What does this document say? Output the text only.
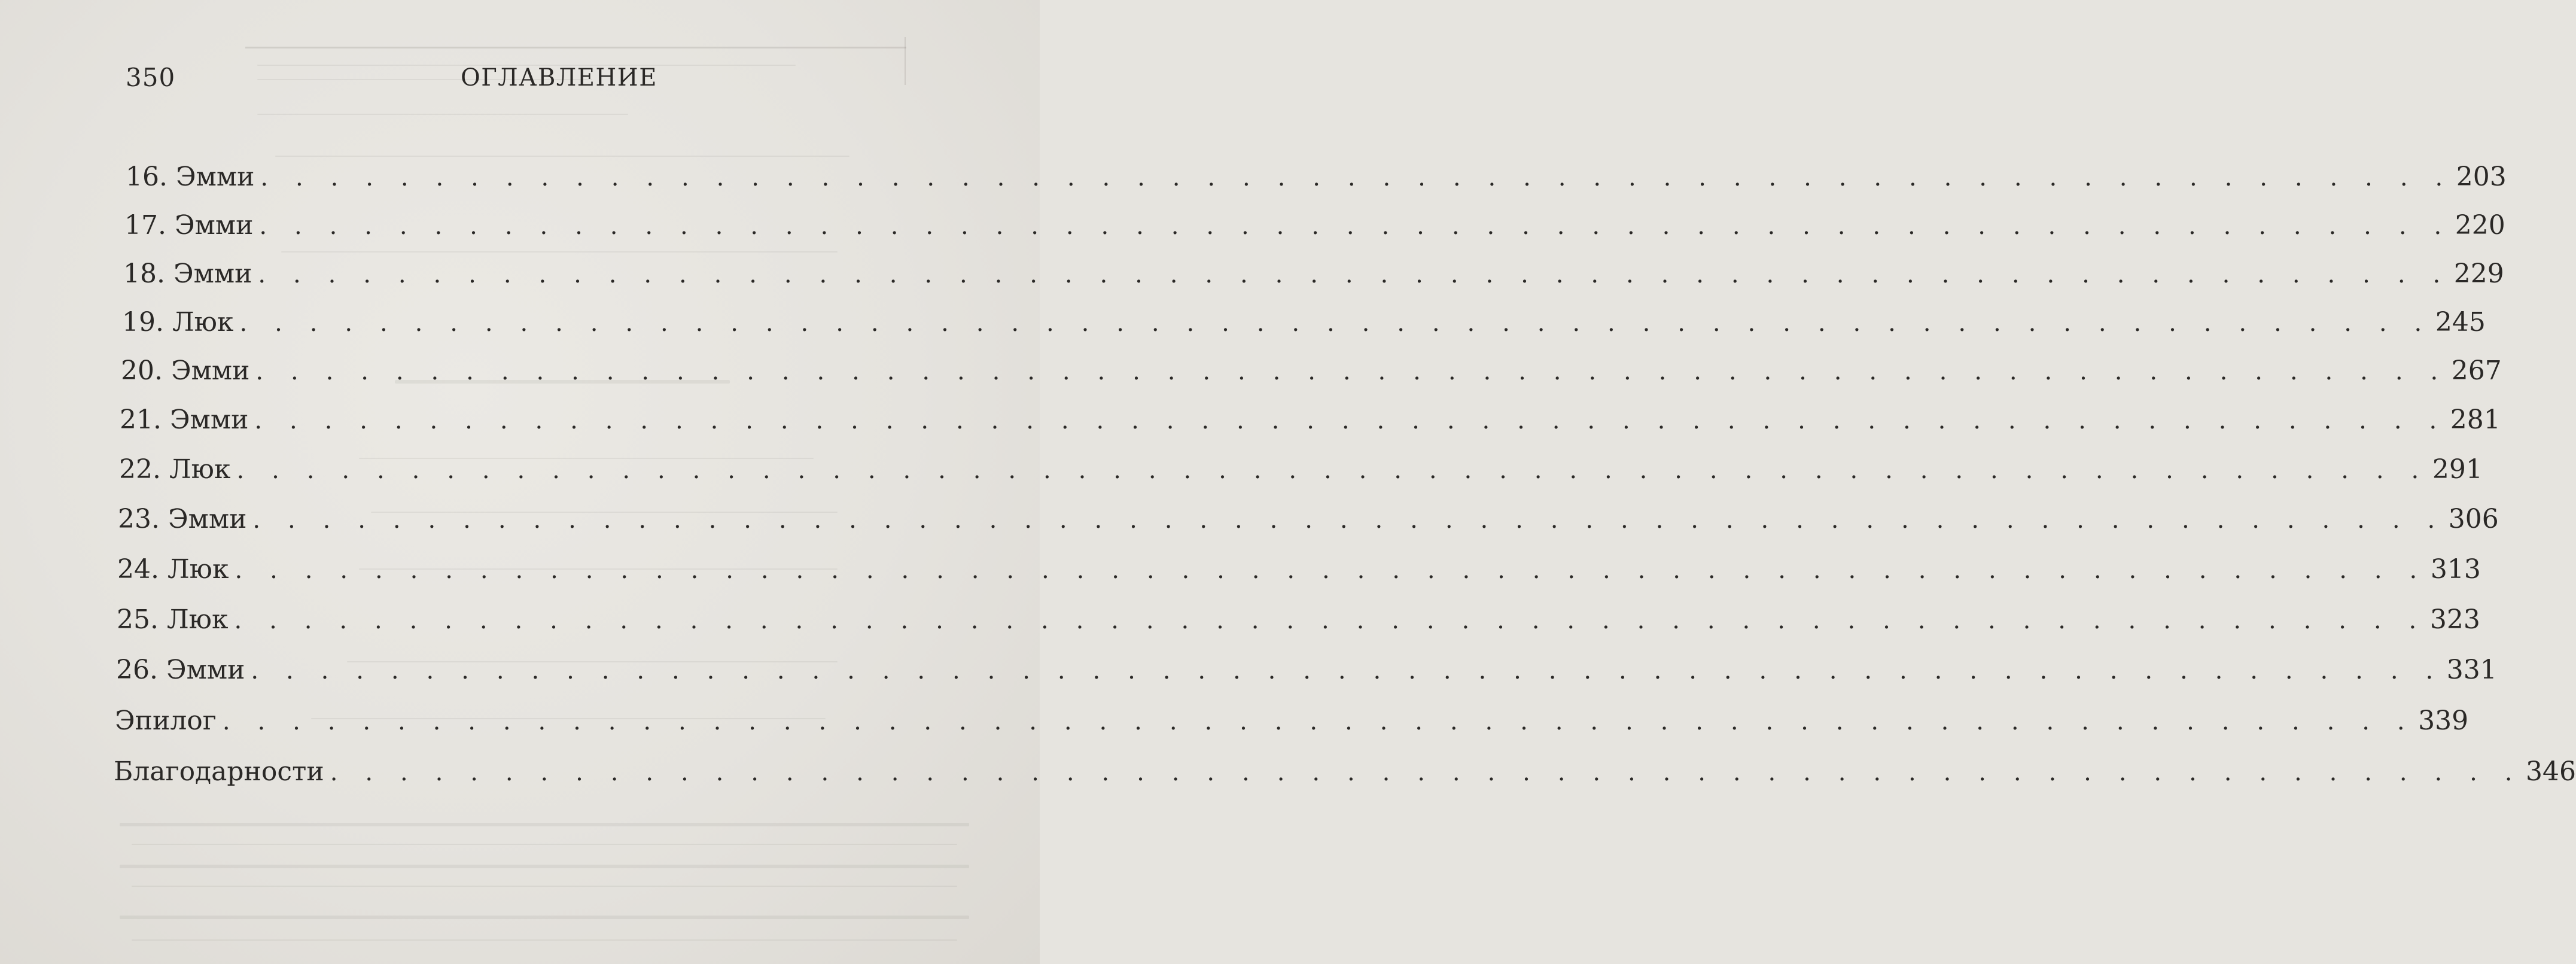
350	ОГЛАВЛЕНИЕ
16. Эмми . . . . . . . . . . . . . . . . . . . . . . . . . . . . . . . . . . . . . . . . . . . . . . . . . . . . . . . . . . . . . . . 203
17. Эмми . . . . . . . . . . . . . . . . . . . . . . . . . . . . . . . . . . . . . . . . . . . . . . . . . . . . . . . . . . . . . . . 220
18. Эмми . . . . . . . . . . . . . . . . . . . . . . . . . . . . . . . . . . . . . . . . . . . . . . . . . . . . . . . . . . . . . . . 229
19. Люк . . . . . . . . . . . . . . . . . . . . . . . . . . . . . . . . . . . . . . . . . . . . . . . . . . . . . . . . . . . . . . . 245
20. Эмми . . . . . . . . . . . . . . . . . . . . . . . . . . . . . . . . . . . . . . . . . . . . . . . . . . . . . . . . . . . . . . . 267
21. Эмми . . . . . . . . . . . . . . . . . . . . . . . . . . . . . . . . . . . . . . . . . . . . . . . . . . . . . . . . . . . . . . . 281
22. Люк . . . . . . . . . . . . . . . . . . . . . . . . . . . . . . . . . . . . . . . . . . . . . . . . . . . . . . . . . . . . . . . 291
23. Эмми . . . . . . . . . . . . . . . . . . . . . . . . . . . . . . . . . . . . . . . . . . . . . . . . . . . . . . . . . . . . . . . 306
24. Люк . . . . . . . . . . . . . . . . . . . . . . . . . . . . . . . . . . . . . . . . . . . . . . . . . . . . . . . . . . . . . . . 313
25. Люк . . . . . . . . . . . . . . . . . . . . . . . . . . . . . . . . . . . . . . . . . . . . . . . . . . . . . . . . . . . . . . . 323
26. Эмми . . . . . . . . . . . . . . . . . . . . . . . . . . . . . . . . . . . . . . . . . . . . . . . . . . . . . . . . . . . . . . . 331
Эпилог . . . . . . . . . . . . . . . . . . . . . . . . . . . . . . . . . . . . . . . . . . . . . . . . . . . . . . . . . . . . . . . 339
Благодарности . . . . . . . . . . . . . . . . . . . . . . . . . . . . . . . . . . . . . . . . . . . . . . . . . . . . . . . . . . . . . . . 346
